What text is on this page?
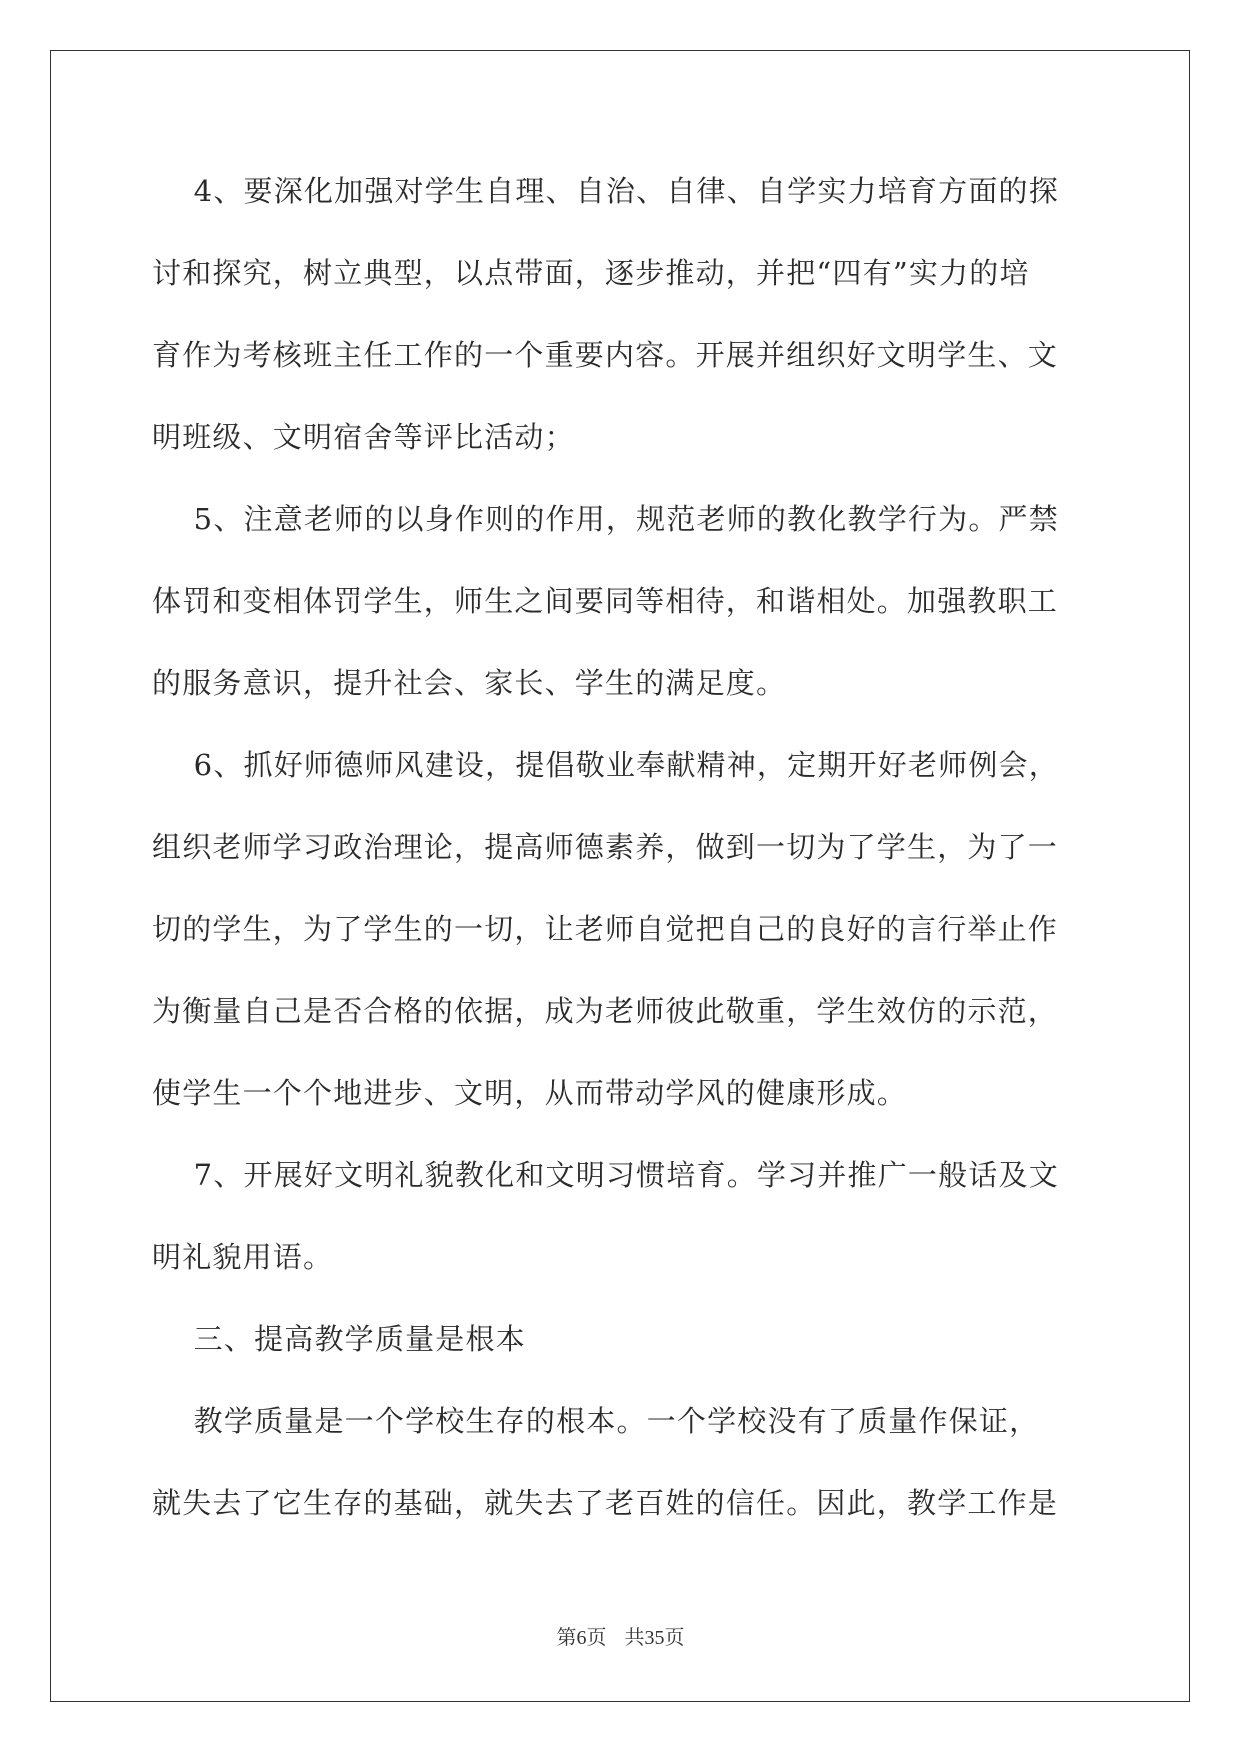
4、要深化加强对学生自理、自治、自律、自学实力培育方面的探
讨和探究，树立典型，以点带面，逐步推动，并把“四有”实力的培
育作为考核班主任工作的一个重要内容。开展并组织好文明学生、文
明班级、文明宿舍等评比活动；
5、注意老师的以身作则的作用，规范老师的教化教学行为。严禁
体罚和变相体罚学生，师生之间要同等相待，和谐相处。加强教职工
的服务意识，提升社会、家长、学生的满足度。
6、抓好师德师风建设，提倡敬业奉献精神，定期开好老师例会，
组织老师学习政治理论，提高师德素养，做到一切为了学生，为了一
切的学生，为了学生的一切，让老师自觉把自己的良好的言行举止作
为衡量自己是否合格的依据，成为老师彼此敬重，学生效仿的示范，
使学生一个个地进步、文明，从而带动学风的健康形成。
7、开展好文明礼貌教化和文明习惯培育。学习并推广一般话及文
明礼貌用语。
三、提高教学质量是根本
教学质量是一个学校生存的根本。一个学校没有了质量作保证，
就失去了它生存的基础，就失去了老百姓的信任。因此，教学工作是
第6页 共35页
